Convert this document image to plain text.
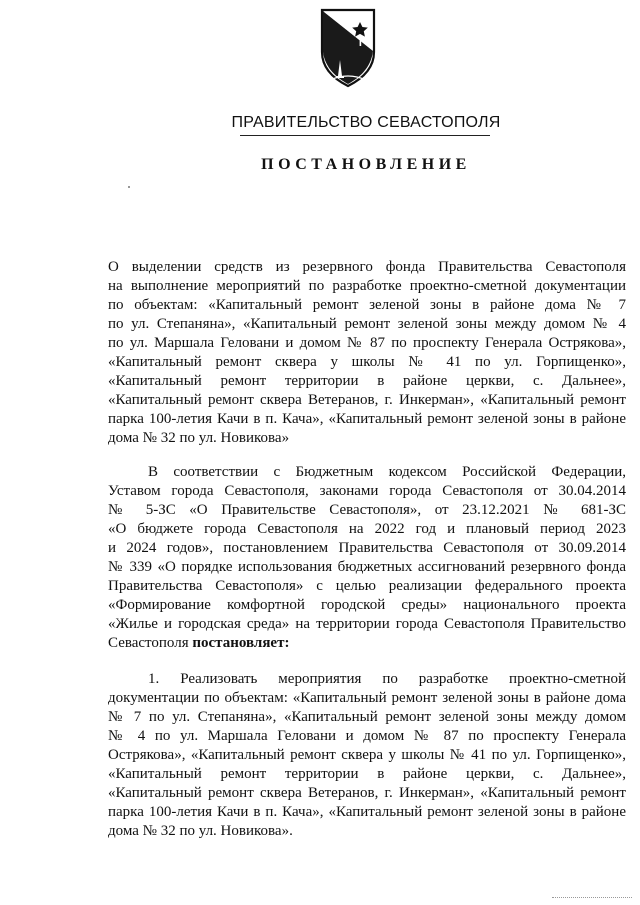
ПРАВИТЕЛЬСТВО СЕВАСТОПОЛЯ
ПОСТАНОВЛЕНИЕ
О выделении средств из резервного фонда Правительства Севастополя
на выполнение мероприятий по разработке проектно-сметной документации
по объектам: «Капитальный ремонт зеленой зоны в районе дома № 7
по ул. Степаняна», «Капитальный ремонт зеленой зоны между домом № 4
по ул. Маршала Геловани и домом № 87 по проспекту Генерала Острякова»,
«Капитальный ремонт сквера у школы № 41 по ул. Горпищенко»,
«Капитальный ремонт территории в районе церкви, с. Дальнее»,
«Капитальный ремонт сквера Ветеранов, г. Инкерман», «Капитальный ремонт
парка 100-летия Качи в п. Кача», «Капитальный ремонт зеленой зоны в районе
дома № 32 по ул. Новикова»
В соответствии с Бюджетным кодексом Российской Федерации,
Уставом города Севастополя, законами города Севастополя от 30.04.2014
№ 5-ЗС «О Правительстве Севастополя», от 23.12.2021 № 681-ЗС
«О бюджете города Севастополя на 2022 год и плановый период 2023
и 2024 годов», постановлением Правительства Севастополя от 30.09.2014
№ 339 «О порядке использования бюджетных ассигнований резервного фонда
Правительства Севастополя» с целью реализации федерального проекта
«Формирование комфортной городской среды» национального проекта
«Жилье и городская среда» на территории города Севастополя Правительство
Севастополя постановляет:
1. Реализовать мероприятия по разработке проектно-сметной
документации по объектам: «Капитальный ремонт зеленой зоны в районе дома
№ 7 по ул. Степаняна», «Капитальный ремонт зеленой зоны между домом
№ 4 по ул. Маршала Геловани и домом № 87 по проспекту Генерала
Острякова», «Капитальный ремонт сквера у школы № 41 по ул. Горпищенко»,
«Капитальный ремонт территории в районе церкви, с. Дальнее»,
«Капитальный ремонт сквера Ветеранов, г. Инкерман», «Капитальный ремонт
парка 100-летия Качи в п. Кача», «Капитальный ремонт зеленой зоны в районе
дома № 32 по ул. Новикова».
